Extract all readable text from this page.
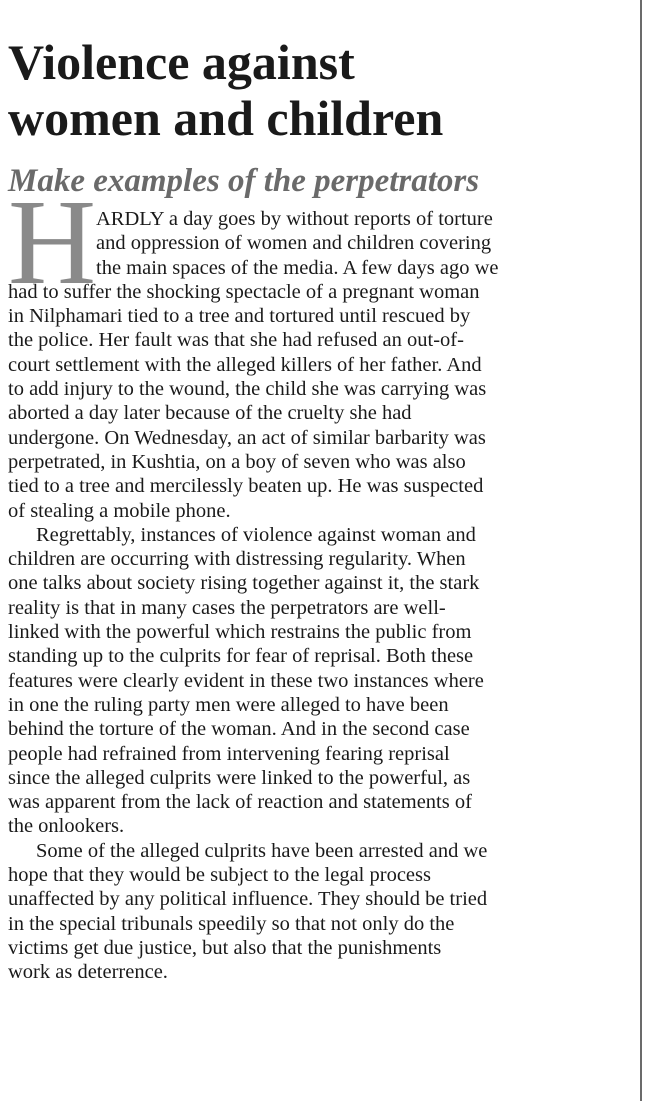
Violence against
women and children
Make examples of the perpetrators
H ARDLY a day goes by without reports of torture
and oppression of women and children covering
the main spaces of the media. A few days ago we
had to suffer the shocking spectacle of a pregnant woman
in Nilphamari tied to a tree and tortured until rescued by
the police. Her fault was that she had refused an out-of-
court settlement with the alleged killers of her father. And
to add injury to the wound, the child she was carrying was
aborted a day later because of the cruelty she had
undergone. On Wednesday, an act of similar barbarity was
perpetrated, in Kushtia, on a boy of seven who was also
tied to a tree and mercilessly beaten up. He was suspected
of stealing a mobile phone.
Regrettably, instances of violence against woman and
children are occurring with distressing regularity. When
one talks about society rising together against it, the stark
reality is that in many cases the perpetrators are well-
linked with the powerful which restrains the public from
standing up to the culprits for fear of reprisal. Both these
features were clearly evident in these two instances where
in one the ruling party men were alleged to have been
behind the torture of the woman. And in the second case
people had refrained from intervening fearing reprisal
since the alleged culprits were linked to the powerful, as
was apparent from the lack of reaction and statements of
the onlookers.
Some of the alleged culprits have been arrested and we
hope that they would be subject to the legal process
unaffected by any political influence. They should be tried
in the special tribunals speedily so that not only do the
victims get due justice, but also that the punishments
work as deterrence.
